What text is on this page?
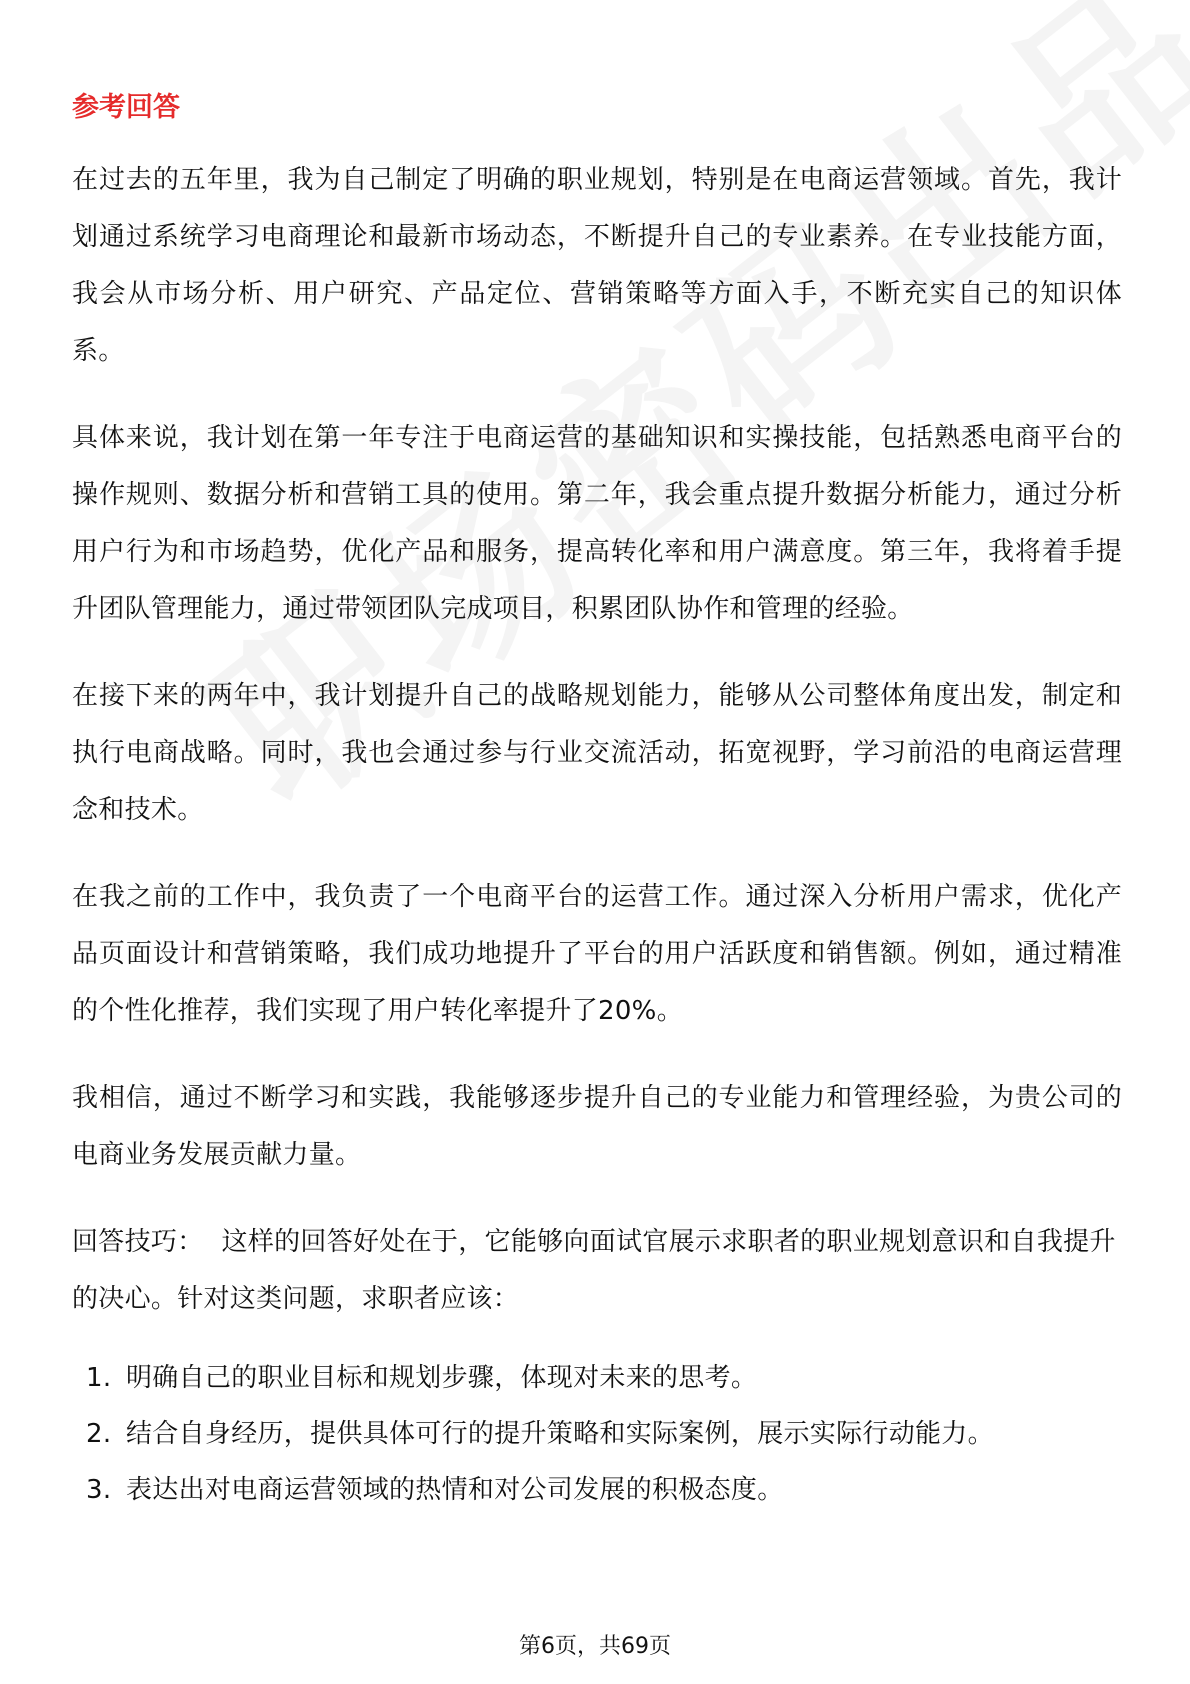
参考回答

在过去的五年里，我为自己制定了明确的职业规划，特别是在电商运营领域。首先，我计划通过系统学习电商理论和最新市场动态，不断提升自己的专业素养。在专业技能方面，我会从市场分析、用户研究、产品定位、营销策略等方面入手，不断充实自己的知识体系。

具体来说，我计划在第一年专注于电商运营的基础知识和实操技能，包括熟悉电商平台的操作规则、数据分析和营销工具的使用。第二年，我会重点提升数据分析能力，通过分析用户行为和市场趋势，优化产品和服务，提高转化率和用户满意度。第三年，我将着手提升团队管理能力，通过带领团队完成项目，积累团队协作和管理的经验。

在接下来的两年中，我计划提升自己的战略规划能力，能够从公司整体角度出发，制定和执行电商战略。同时，我也会通过参与行业交流活动，拓宽视野，学习前沿的电商运营理念和技术。

在我之前的工作中，我负责了一个电商平台的运营工作。通过深入分析用户需求，优化产品页面设计和营销策略，我们成功地提升了平台的用户活跃度和销售额。例如，通过精准的个性化推荐，我们实现了用户转化率提升了20%。

我相信，通过不断学习和实践，我能够逐步提升自己的专业能力和管理经验，为贵公司的电商业务发展贡献力量。

回答技巧： 这样的回答好处在于，它能够向面试官展示求职者的职业规划意识和自我提升的决心。针对这类问题，求职者应该：

1. 明确自己的职业目标和规划步骤，体现对未来的思考。
2. 结合自身经历，提供具体可行的提升策略和实际案例，展示实际行动能力。
3. 表达出对电商运营领域的热情和对公司发展的积极态度。
第6页，共69页
